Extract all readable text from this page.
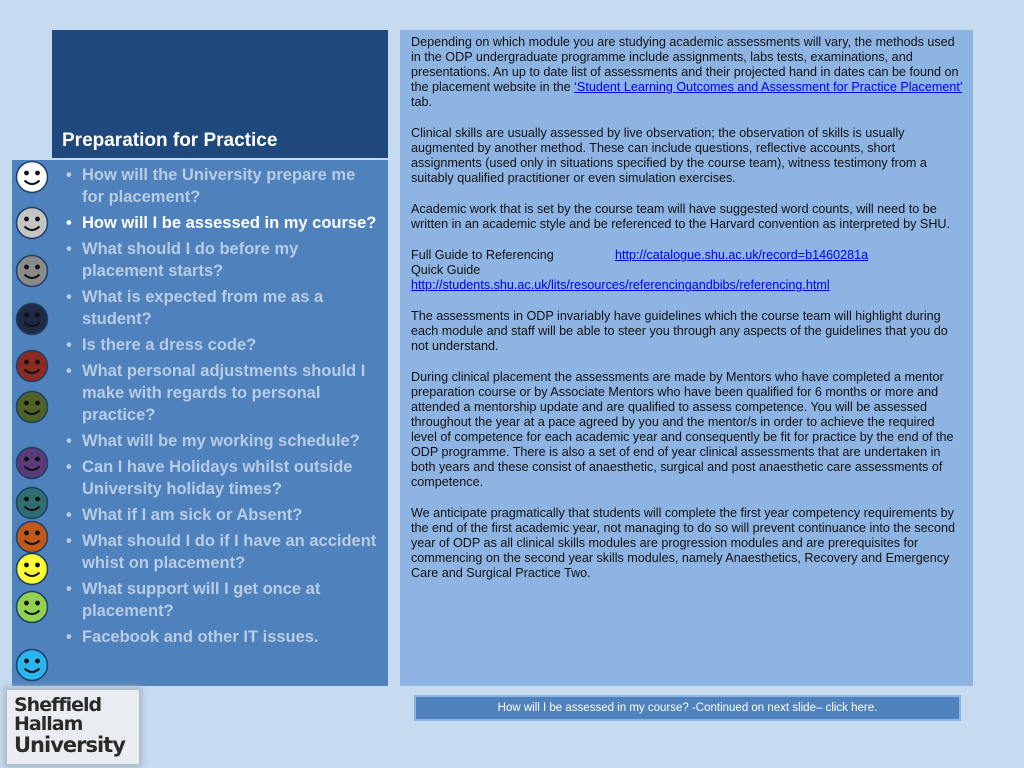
Preparation for Practice
• How will the University prepare me for placement?
• How will I be assessed in my course?
• What should I do before my placement starts?
• What is expected from me as a student?
• Is there a dress code?
• What personal adjustments should I make with regards to personal practice?
• What will be my working schedule?
• Can I have Holidays whilst outside University holiday times?
• What if I am sick or Absent?
• What should I do if I have an accident whist on placement?
• What support will I get once at placement?
• Facebook and other IT issues.

Depending on which module you are studying academic assessments will vary, the methods used in the ODP undergraduate programme include assignments, labs tests, examinations, and presentations. An up to date list of assessments and their projected hand in dates can be found on the placement website in the ‘Student Learning Outcomes and Assessment for Practice Placement’ tab.

Clinical skills are usually assessed by live observation; the observation of skills is usually augmented by another method. These can include questions, reflective accounts, short assignments (used only in situations specified by the course team), witness testimony from a suitably qualified practitioner or even simulation exercises.

Academic work that is set by the course team will have suggested word counts, will need to be written in an academic style and be referenced to the Harvard convention as interpreted by SHU.

Full Guide to Referencing	http://catalogue.shu.ac.uk/record=b1460281a
Quick Guide
http://students.shu.ac.uk/lits/resources/referencingandbibs/referencing.html

The assessments in ODP invariably have guidelines which the course team will highlight during each module and staff will be able to steer you through any aspects of the guidelines that you do not understand.

During clinical placement the assessments are made by Mentors who have completed a mentor preparation course or by Associate Mentors who have been qualified for 6 months or more and attended a mentorship update and are qualified to assess competence. You will be assessed throughout the year at a pace agreed by you and the mentor/s in order to achieve the required level of competence for each academic year and consequently be fit for practice by the end of the ODP programme. There is also a set of end of year clinical assessments that are undertaken in both years and these consist of anaesthetic, surgical and post anaesthetic care assessments of competence.

We anticipate pragmatically that students will complete the first year competency requirements by the end of the first academic year, not managing to do so will prevent continuance into the second year of ODP as all clinical skills modules are progression modules and are prerequisites for commencing on the second year skills modules, namely Anaesthetics, Recovery and Emergency Care and Surgical Practice Two.

How will I be assessed in my course? -Continued on next slide– click here.
Sheffield
Hallam
University
